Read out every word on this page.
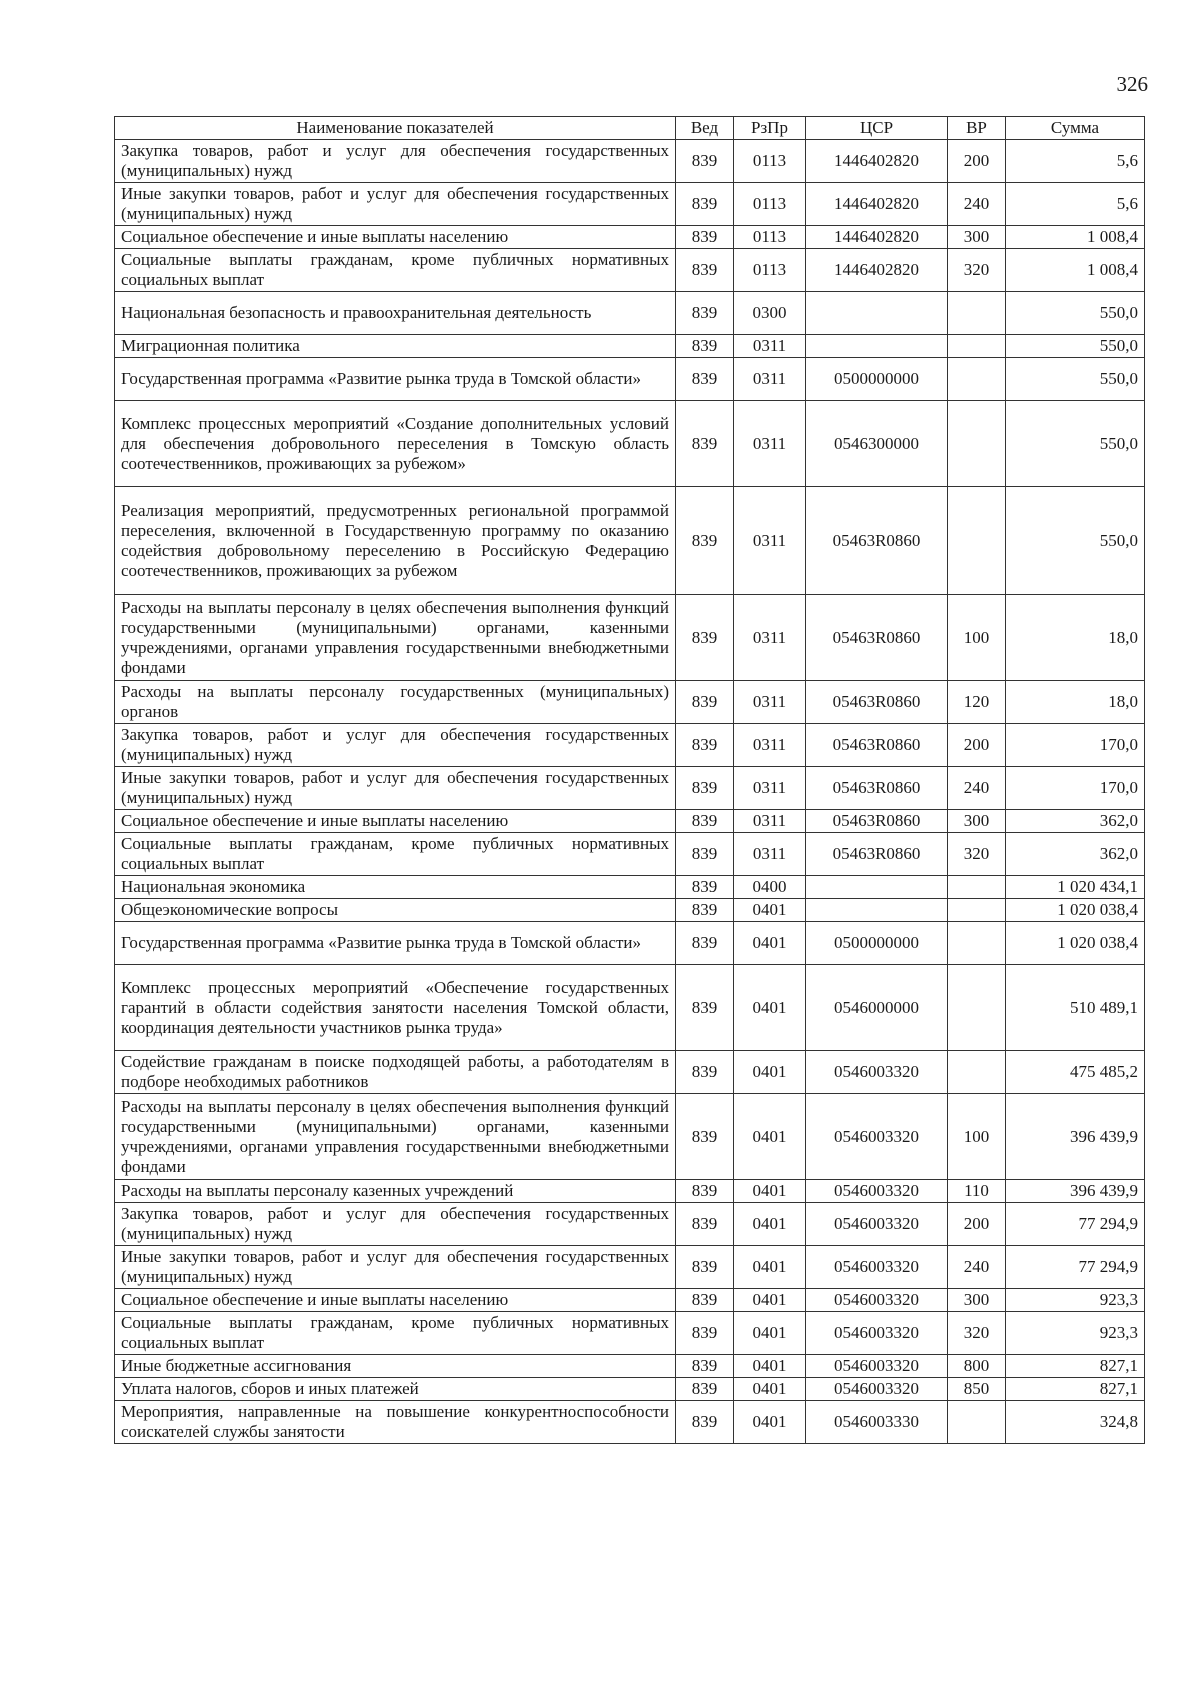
326
Наименование показателей	Вед	РзПр	ЦСР	ВР	Сумма
Закупка товаров, работ и услуг для обеспечения государственных (муниципальных) нужд	839	0113	1446402820	200	5,6
Иные закупки товаров, работ и услуг для обеспечения государственных (муниципальных) нужд	839	0113	1446402820	240	5,6
Социальное обеспечение и иные выплаты населению	839	0113	1446402820	300	1 008,4
Социальные выплаты гражданам, кроме публичных нормативных социальных выплат	839	0113	1446402820	320	1 008,4
Национальная безопасность и правоохранительная деятельность	839	0300			550,0
Миграционная политика	839	0311			550,0
Государственная программа «Развитие рынка труда в Томской области»	839	0311	0500000000		550,0
Комплекс процессных мероприятий «Создание дополнительных условий для обеспечения добровольного переселения в Томскую область соотечественников, проживающих за рубежом»	839	0311	0546300000		550,0
Реализация мероприятий, предусмотренных региональной программой переселения, включенной в Государственную программу по оказанию содействия добровольному переселению в Российскую Федерацию соотечественников, проживающих за рубежом	839	0311	05463R0860		550,0
Расходы на выплаты персоналу в целях обеспечения выполнения функций государственными (муниципальными) органами, казенными учреждениями, органами управления государственными внебюджетными фондами	839	0311	05463R0860	100	18,0
Расходы на выплаты персоналу государственных (муниципальных) органов	839	0311	05463R0860	120	18,0
Закупка товаров, работ и услуг для обеспечения государственных (муниципальных) нужд	839	0311	05463R0860	200	170,0
Иные закупки товаров, работ и услуг для обеспечения государственных (муниципальных) нужд	839	0311	05463R0860	240	170,0
Социальное обеспечение и иные выплаты населению	839	0311	05463R0860	300	362,0
Социальные выплаты гражданам, кроме публичных нормативных социальных выплат	839	0311	05463R0860	320	362,0
Национальная экономика	839	0400			1 020 434,1
Общеэкономические вопросы	839	0401			1 020 038,4
Государственная программа «Развитие рынка труда в Томской области»	839	0401	0500000000		1 020 038,4
Комплекс процессных мероприятий «Обеспечение государственных гарантий в области содействия занятости населения Томской области, координация деятельности участников рынка труда»	839	0401	0546000000		510 489,1
Содействие гражданам в поиске подходящей работы, а работодателям в подборе необходимых работников	839	0401	0546003320		475 485,2
Расходы на выплаты персоналу в целях обеспечения выполнения функций государственными (муниципальными) органами, казенными учреждениями, органами управления государственными внебюджетными фондами	839	0401	0546003320	100	396 439,9
Расходы на выплаты персоналу казенных учреждений	839	0401	0546003320	110	396 439,9
Закупка товаров, работ и услуг для обеспечения государственных (муниципальных) нужд	839	0401	0546003320	200	77 294,9
Иные закупки товаров, работ и услуг для обеспечения государственных (муниципальных) нужд	839	0401	0546003320	240	77 294,9
Социальное обеспечение и иные выплаты населению	839	0401	0546003320	300	923,3
Социальные выплаты гражданам, кроме публичных нормативных социальных выплат	839	0401	0546003320	320	923,3
Иные бюджетные ассигнования	839	0401	0546003320	800	827,1
Уплата налогов, сборов и иных платежей	839	0401	0546003320	850	827,1
Мероприятия, направленные на повышение конкурентноспособности соискателей службы занятости	839	0401	0546003330		324,8
